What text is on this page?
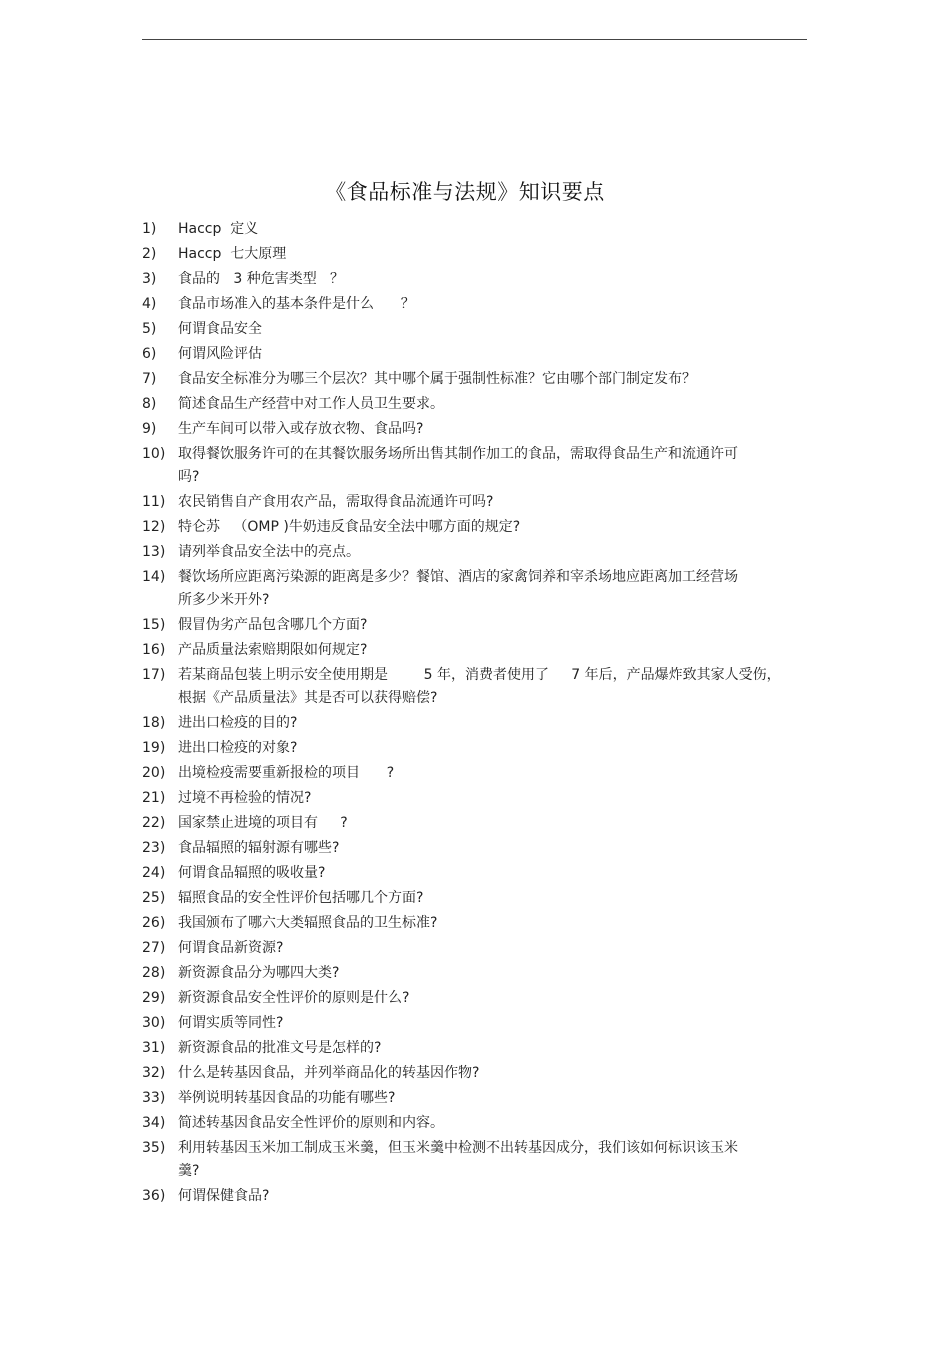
《食品标准与法规》知识要点
1)	Haccp  定义
2)	Haccp  七大原理
3)	食品的   3 种危害类型   ？
4)	食品市场准入的基本条件是什么      ？
5)	何谓食品安全
6)	何谓风险评估
7)	食品安全标准分为哪三个层次？其中哪个属于强制性标准？它由哪个部门制定发布？
8)	简述食品生产经营中对工作人员卫生要求。
9)	生产车间可以带入或存放衣物、食品吗?
10) 取得餐饮服务许可的在其餐饮服务场所出售其制作加工的食品，需取得食品生产和流通许可吗?
11) 农民销售自产食用农产品，需取得食品流通许可吗?
12) 特仑苏   （OMP )牛奶违反食品安全法中哪方面的规定?
13) 请列举食品安全法中的亮点。
14) 餐饮场所应距离污染源的距离是多少？餐馆、酒店的家禽饲养和宰杀场地应距离加工经营场所多少米开外?
15) 假冒伪劣产品包含哪几个方面?
16) 产品质量法索赔期限如何规定?
17) 若某商品包装上明示安全使用期是        5 年，消费者使用了     7 年后，产品爆炸致其家人受伤，根据《产品质量法》其是否可以获得赔偿?
18) 进出口检疫的目的?
19) 进出口检疫的对象?
20) 出境检疫需要重新报检的项目      ?
21) 过境不再检验的情况?
22) 国家禁止进境的项目有     ?
23) 食品辐照的辐射源有哪些?
24) 何谓食品辐照的吸收量?
25) 辐照食品的安全性评价包括哪几个方面?
26) 我国颁布了哪六大类辐照食品的卫生标准?
27) 何谓食品新资源?
28) 新资源食品分为哪四大类?
29) 新资源食品安全性评价的原则是什么?
30) 何谓实质等同性?
31) 新资源食品的批准文号是怎样的?
32) 什么是转基因食品，并列举商品化的转基因作物?
33) 举例说明转基因食品的功能有哪些?
34) 简述转基因食品安全性评价的原则和内容。
35) 利用转基因玉米加工制成玉米羹，但玉米羹中检测不出转基因成分，我们该如何标识该玉米羹?
36) 何谓保健食品?
